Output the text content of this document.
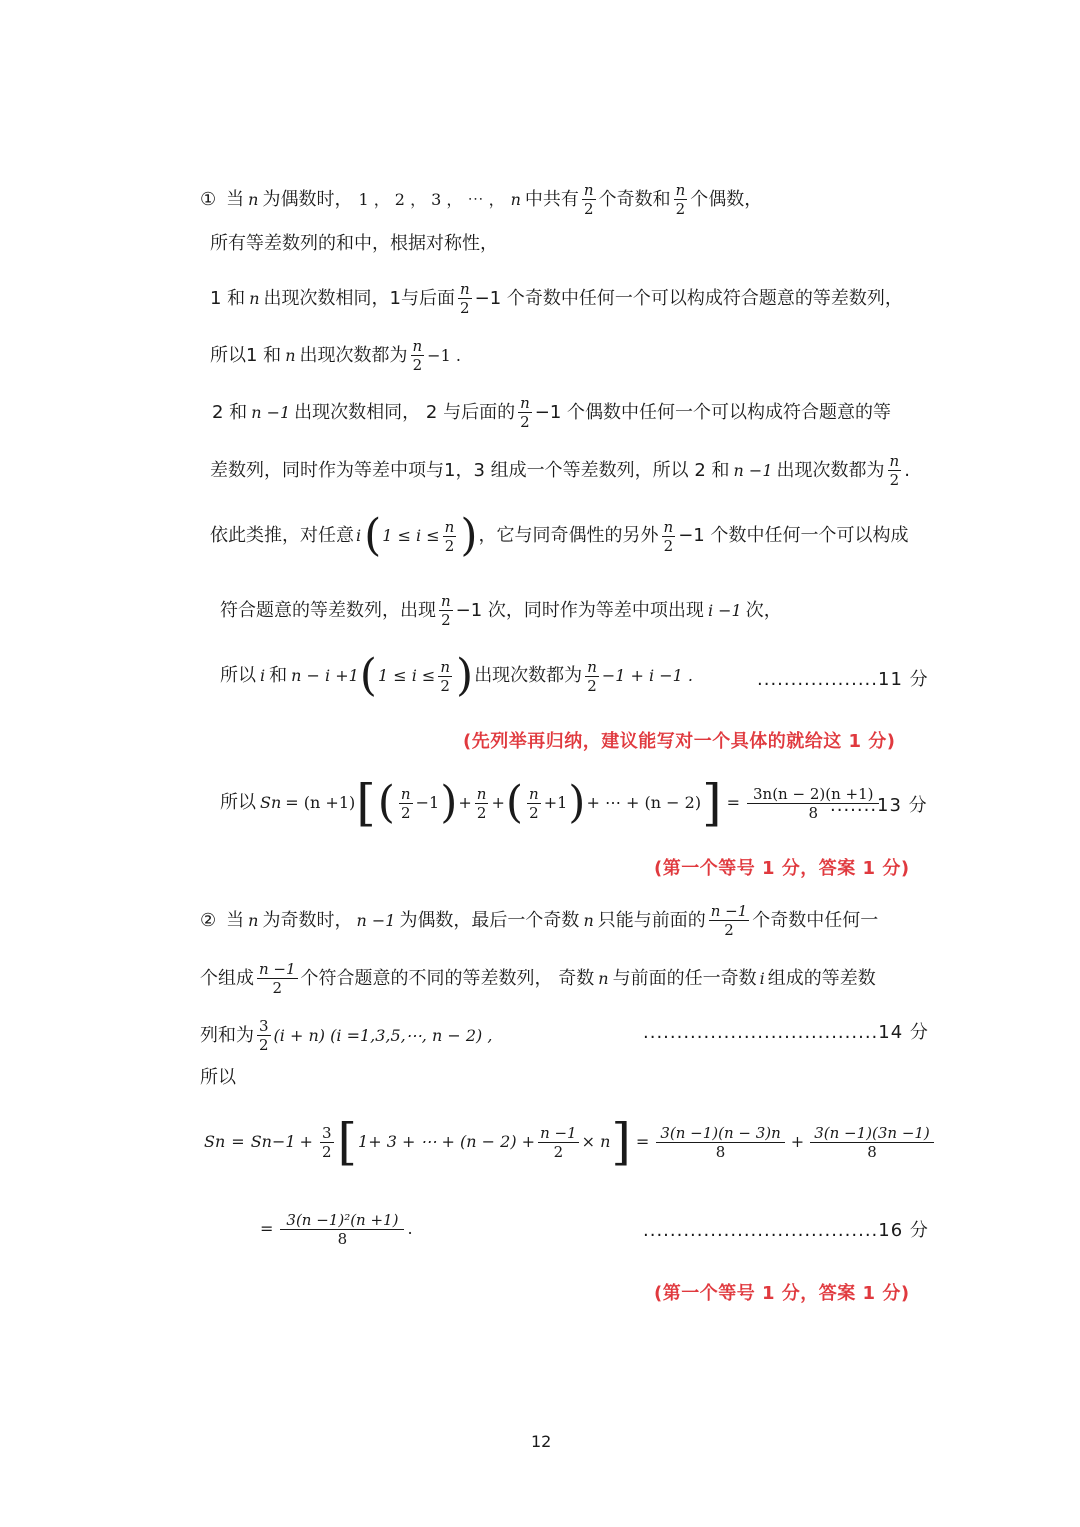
① 当 n 为偶数时， 1 ， 2 ， 3 ， ⋯ ， n 中共有 $\frac{n}{2}$ 个奇数和 $\frac{n}{2}$ 个偶数，
所有等差数列的和中，根据对称性，
1 和 n 出现次数相同，1与后面 $\frac{n}{2} -1$ 个奇数中任何一个可以构成符合题意的等差数列，
所以1 和 n 出现次数都为 $\frac{n}{2} -1$ .
2 和 n −1 出现次数相同， 2 与后面的 $\frac{n}{2} -1$ 个偶数中任何一个可以构成符合题意的等
差数列，同时作为等差中项与1，3 组成一个等差数列，所以 2 和 n −1 出现次数都为 $\frac{n}{2}$ .
依此类推，对任意 i ( $1 \le i \le \frac{n}{2}$ ) ，它与同奇偶性的另外 $\frac{n}{2} -1$ 个数中任何一个可以构成
符合题意的等差数列，出现 $\frac{n}{2} -1$ 次，同时作为等差中项出现 i −1 次，
所以 i 和 n − i +1 ( $1 \le i \le \frac{n}{2}$ ) 出现次数都为 $\frac{n}{2} -1 + i -1$ .	..................11 分
(先列举再归纳，建议能写对一个具体的就给这 1 分)
所以 S n = (n +1) [ ( $\frac{n}{2} -1$ ) + $\frac{n}{2}$ + ( $\frac{n}{2} +1$ ) + ⋯ + (n − 2) ] = $\frac{3n(n - 2)(n +1)}{8}$
.......13 分
(第一个等号 1 分，答案 1 分)
② 当 n 为奇数时， n −1 为偶数，最后一个奇数 n 只能与前面的 $\frac{n -1}{2}$ 个奇数中任何一
个组成 $\frac{n -1}{2}$ 个符合题意的不同的等差数列， 奇数 n 与前面的任一奇数 i 组成的等差数
列和为 $\frac{3}{2} (i + n)$ (i =1,3,5,⋯, n − 2) ,	...................................14 分
所以
S n = S $n-1 + \frac{3}{2}$ [ 1+ 3 + ⋯ + $(n - 2) + \frac{n -1}{2} \times n$ ] = $\frac{3(n -1)(n - 3)n}{8} + \frac{3(n -1)(3n -1)}{8}$
= $\frac{\text{3(n −1)²(n +1)}}{8}$ .	...................................16 分
(第一个等号 1 分，答案 1 分)
12
